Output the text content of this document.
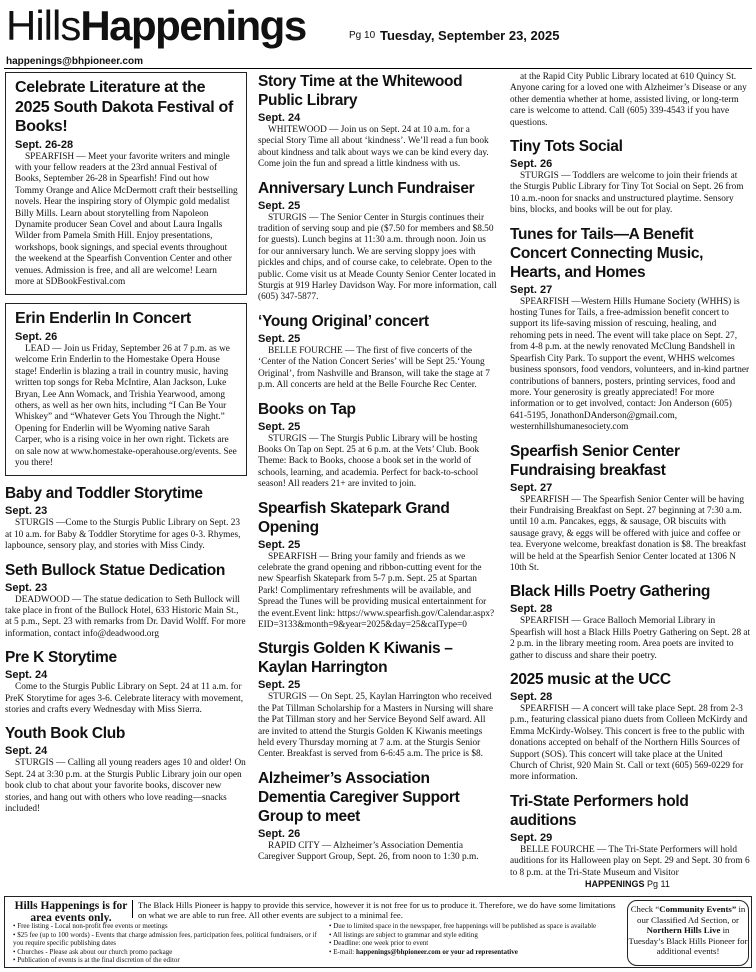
HillsHappenings	Pg 10 Tuesday, September 23, 2025
happenings@bhpioneer.com
Celebrate Literature at the 2025 South Dakota Festival of Books!
Sept. 26-28

SPEARFISH — Meet your favorite writers and mingle with your fellow readers at the 23rd annual Festival of Books, September 26-28 in Spearfish! Find out how Tommy Orange and Alice McDermott craft their bestselling novels. Hear the inspiring story of Olympic gold medalist Billy Mills. Learn about storytelling from Napoleon Dynamite producer Sean Covel and about Laura Ingalls Wilder from Pamela Smith Hill. Enjoy presentations, workshops, book signings, and special events throughout the weekend at the Spearfish Convention Center and other venues. Admission is free, and all are welcome! Learn more at SDBookFestival.com

Erin Enderlin In Concert
Sept. 26

LEAD — Join us Friday, September 26 at 7 p.m. as we welcome Erin Enderlin to the Homestake Opera House stage! Enderlin is blazing a trail in country music, having written top songs for Reba McIntire, Alan Jackson, Luke Bryan, Lee Ann Womack, and Trishia Yearwood, among others, as well as her own hits, including “I Can Be Your Whiskey” and “Whatever Gets You Through the Night.” Opening for Enderlin will be Wyoming native Sarah Carper, who is a rising voice in her own right. Tickets are on sale now at www.homestake-operahouse.org/events. See you there!

Baby and Toddler Storytime
Sept. 23

STURGIS —Come to the Sturgis Public Library on Sept. 23 at 10 a.m. for Baby & Toddler Storytime for ages 0-3. Rhymes, lapbounce, sensory play, and stories with Miss Cindy.

Seth Bullock Statue Dedication
Sept. 23

DEADWOOD — The statue dedication to Seth Bullock will take place in front of the Bullock Hotel, 633 Historic Main St., at 5 p.m., Sept. 23 with remarks from Dr. David Wolff. For more information, contact info@deadwood.org

Pre K Storytime
Sept. 24

Come to the Sturgis Public Library on Sept. 24 at 11 a.m. for PreK Storytime for ages 3-6. Celebrate literacy with movement, stories and crafts every Wednesday with Miss Sierra.

Youth Book Club
Sept. 24

STURGIS — Calling all young readers ages 10 and older! On Sept. 24 at 3:30 p.m. at the Sturgis Public Library join our open book club to chat about your favorite books, discover new stories, and hang out with others who love reading—snacks included!

Story Time at the Whitewood Public Library
Sept. 24

WHITEWOOD — Join us on Sept. 24 at 10 a.m. for a special Story Time all about ‘kindness’. We’ll read a fun book about kindness and talk about ways we can be kind every day. Come join the fun and spread a little kindness with us.

Anniversary Lunch Fundraiser
Sept. 25

STURGIS — The Senior Center in Sturgis continues their tradition of serving soup and pie ($7.50 for members and $8.50 for guests). Lunch begins at 11:30 a.m. through noon. Join us for our anniversary lunch. We are serving sloppy joes with pickles and chips, and of course cake, to celebrate. Open to the public. Come visit us at Meade County Senior Center located in Sturgis at 919 Harley Davidson Way. For more information, call (605) 347-5877.

‘Young Original’ concert
Sept. 25

BELLE FOURCHE — The first of five concerts of the ‘Center of the Nation Concert Series’ will be Sept 25.‘Young Original’, from Nashville and Branson, will take the stage at 7 p.m. All concerts are held at the Belle Fourche Rec Center.

Books on Tap
Sept. 25

STURGIS — The Sturgis Public Library will be hosting Books On Tap on Sept. 25 at 6 p.m. at the Vets’ Club. Book Theme: Back to Books, choose a book set in the world of schools, learning, and academia. Perfect for back-to-school season! All readers 21+ are invited to join.

Spearfish Skatepark Grand Opening
Sept. 25

SPEARFISH — Bring your family and friends as we celebrate the grand opening and ribbon-cutting event for the new Spearfish Skatepark from 5-7 p.m. Sept. 25 at Spartan Park! Complimentary refreshments will be available, and Spread the Tunes will be providing musical entertainment for the event.Event link: https://www.spearfish.gov/Calendar.aspx?EID=3133&month=9&year=2025&day=25&calType=0

Sturgis Golden K Kiwanis – Kaylan Harrington
Sept. 25

STURGIS — On Sept. 25, Kaylan Harrington who received the Pat Tillman Scholarship for a Masters in Nursing will share the Pat Tillman story and her Service Beyond Self award. All are invited to attend the Sturgis Golden K Kiwanis meetings held every Thursday morning at 7 a.m. at the Sturgis Senior Center. Breakfast is served from 6-6:45 a.m. The price is $8.

Alzheimer’s Association Dementia Caregiver Support Group to meet
Sept. 26

RAPID CITY — Alzheimer’s Association Dementia Caregiver Support Group, Sept. 26, from noon to 1:30 p.m.

at the Rapid City Public Library located at 610 Quincy St. Anyone caring for a loved one with Alzheimer’s Disease or any other dementia whether at home, assisted living, or long-term care is welcome to attend. Call (605) 339-4543 if you have questions.

Tiny Tots Social
Sept. 26

STURGIS — Toddlers are welcome to join their friends at the Sturgis Public Library for Tiny Tot Social on Sept. 26 from 10 a.m.-noon for snacks and unstructured playtime. Sensory bins, blocks, and books will be out for play.

Tunes for Tails—A Benefit Concert Connecting Music, Hearts, and Homes
Sept. 27

SPEARFISH —Western Hills Humane Society (WHHS) is hosting Tunes for Tails, a free-admission benefit concert to support its life-saving mission of rescuing, healing, and rehoming pets in need. The event will take place on Sept. 27, from 4-8 p.m. at the newly renovated McClung Bandshell in Spearfish City Park. To support the event, WHHS welcomes business sponsors, food vendors, volunteers, and in-kind partner contributions of banners, posters, printing services, food and more. Your generosity is greatly appreciated! For more information or to get involved, contact: Jon Anderson (605) 641-5195, JonathonDAnderson@gmail.com, westernhillshumanesociety.com

Spearfish Senior Center Fundraising breakfast
Sept. 27

SPEARFISH — The Spearfish Senior Center will be having their Fundraising Breakfast on Sept. 27 beginning at 7:30 a.m. until 10 a.m. Pancakes, eggs, & sausage, OR biscuits with sausage gravy, & eggs will be offered with juice and coffee or tea. Everyone welcome, breakfast donation is $8. The breakfast will be held at the Spearfish Senior Center located at 1306 N 10th St.

Black Hills Poetry Gathering
Sept. 28

SPEARFISH — Grace Balloch Memorial Library in Spearfish will host a Black Hills Poetry Gathering on Sept. 28 at 2 p.m. in the library meeting room. Area poets are invited to gather to discuss and share their poetry.

2025 music at the UCC
Sept. 28

SPEARFISH — A concert will take place Sept. 28 from 2-3 p.m., featuring classical piano duets from Colleen McKirdy and Emma McKirdy-Wolsey. This concert is free to the public with donations accepted on behalf of the Northern Hills Sources of Support (SOS). This concert will take place at the United Church of Christ, 920 Main St. Call or text (605) 569-0229 for more information.

Tri-State Performers hold auditions
Sept. 29

BELLE FOURCHE — The Tri-State Performers will hold auditions for its Halloween play on Sept. 29 and Sept. 30 from 6 to 8 p.m. at the Tri-State Museum and Visitor

HAPPENINGS Pg 11
Hills Happenings is for area events only.
The Black Hills Pioneer is happy to provide this service, however it is not free for us to produce it. Therefore, we do have some limitations on what we are able to run free. All other events are subject to a minimal fee.
• Free listing - Local non-profit free events or meetings
• $25 fee (up to 100 words) - Events that charge admission fees, participation fees, political fundraisers, or if you require specific publishing dates
• Churches - Please ask about our church promo package
• Publication of events is at the final discretion of the editor
• Due to limited space in the newspaper, free happenings will be published as space is available
• All listings are subject to grammar and style editing
• Deadline: one week prior to event
• E-mail: happenings@bhpioneer.com or your ad representative
Check “Community Events” in our Classified Ad Section, or Northern Hills Live in Tuesday’s Black Hills Pioneer for additional events!
